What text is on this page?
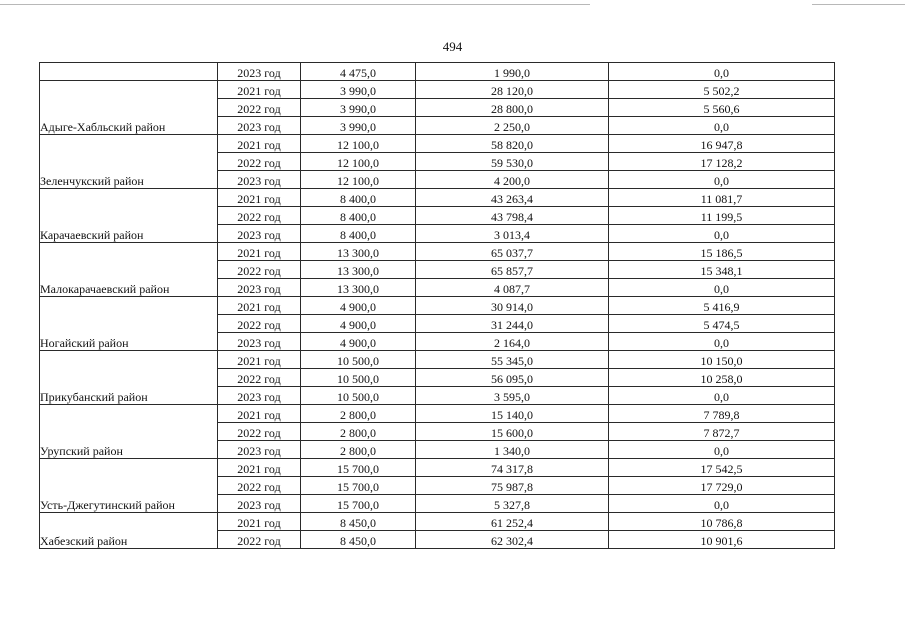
494
	2023 год	4 475,0	1 990,0	0,0
Адыге-Хабльский район	2021 год	3 990,0	28 120,0	5 502,2
	2022 год	3 990,0	28 800,0	5 560,6
	2023 год	3 990,0	2 250,0	0,0
Зеленчукский район	2021 год	12 100,0	58 820,0	16 947,8
	2022 год	12 100,0	59 530,0	17 128,2
	2023 год	12 100,0	4 200,0	0,0
Карачаевский район	2021 год	8 400,0	43 263,4	11 081,7
	2022 год	8 400,0	43 798,4	11 199,5
	2023 год	8 400,0	3 013,4	0,0
Малокарачаевский район	2021 год	13 300,0	65 037,7	15 186,5
	2022 год	13 300,0	65 857,7	15 348,1
	2023 год	13 300,0	4 087,7	0,0
Ногайский район	2021 год	4 900,0	30 914,0	5 416,9
	2022 год	4 900,0	31 244,0	5 474,5
	2023 год	4 900,0	2 164,0	0,0
Прикубанский район	2021 год	10 500,0	55 345,0	10 150,0
	2022 год	10 500,0	56 095,0	10 258,0
	2023 год	10 500,0	3 595,0	0,0
Урупский район	2021 год	2 800,0	15 140,0	7 789,8
	2022 год	2 800,0	15 600,0	7 872,7
	2023 год	2 800,0	1 340,0	0,0
Усть-Джегутинский район	2021 год	15 700,0	74 317,8	17 542,5
	2022 год	15 700,0	75 987,8	17 729,0
	2023 год	15 700,0	5 327,8	0,0
Хабезский район	2021 год	8 450,0	61 252,4	10 786,8
	2022 год	8 450,0	62 302,4	10 901,6
